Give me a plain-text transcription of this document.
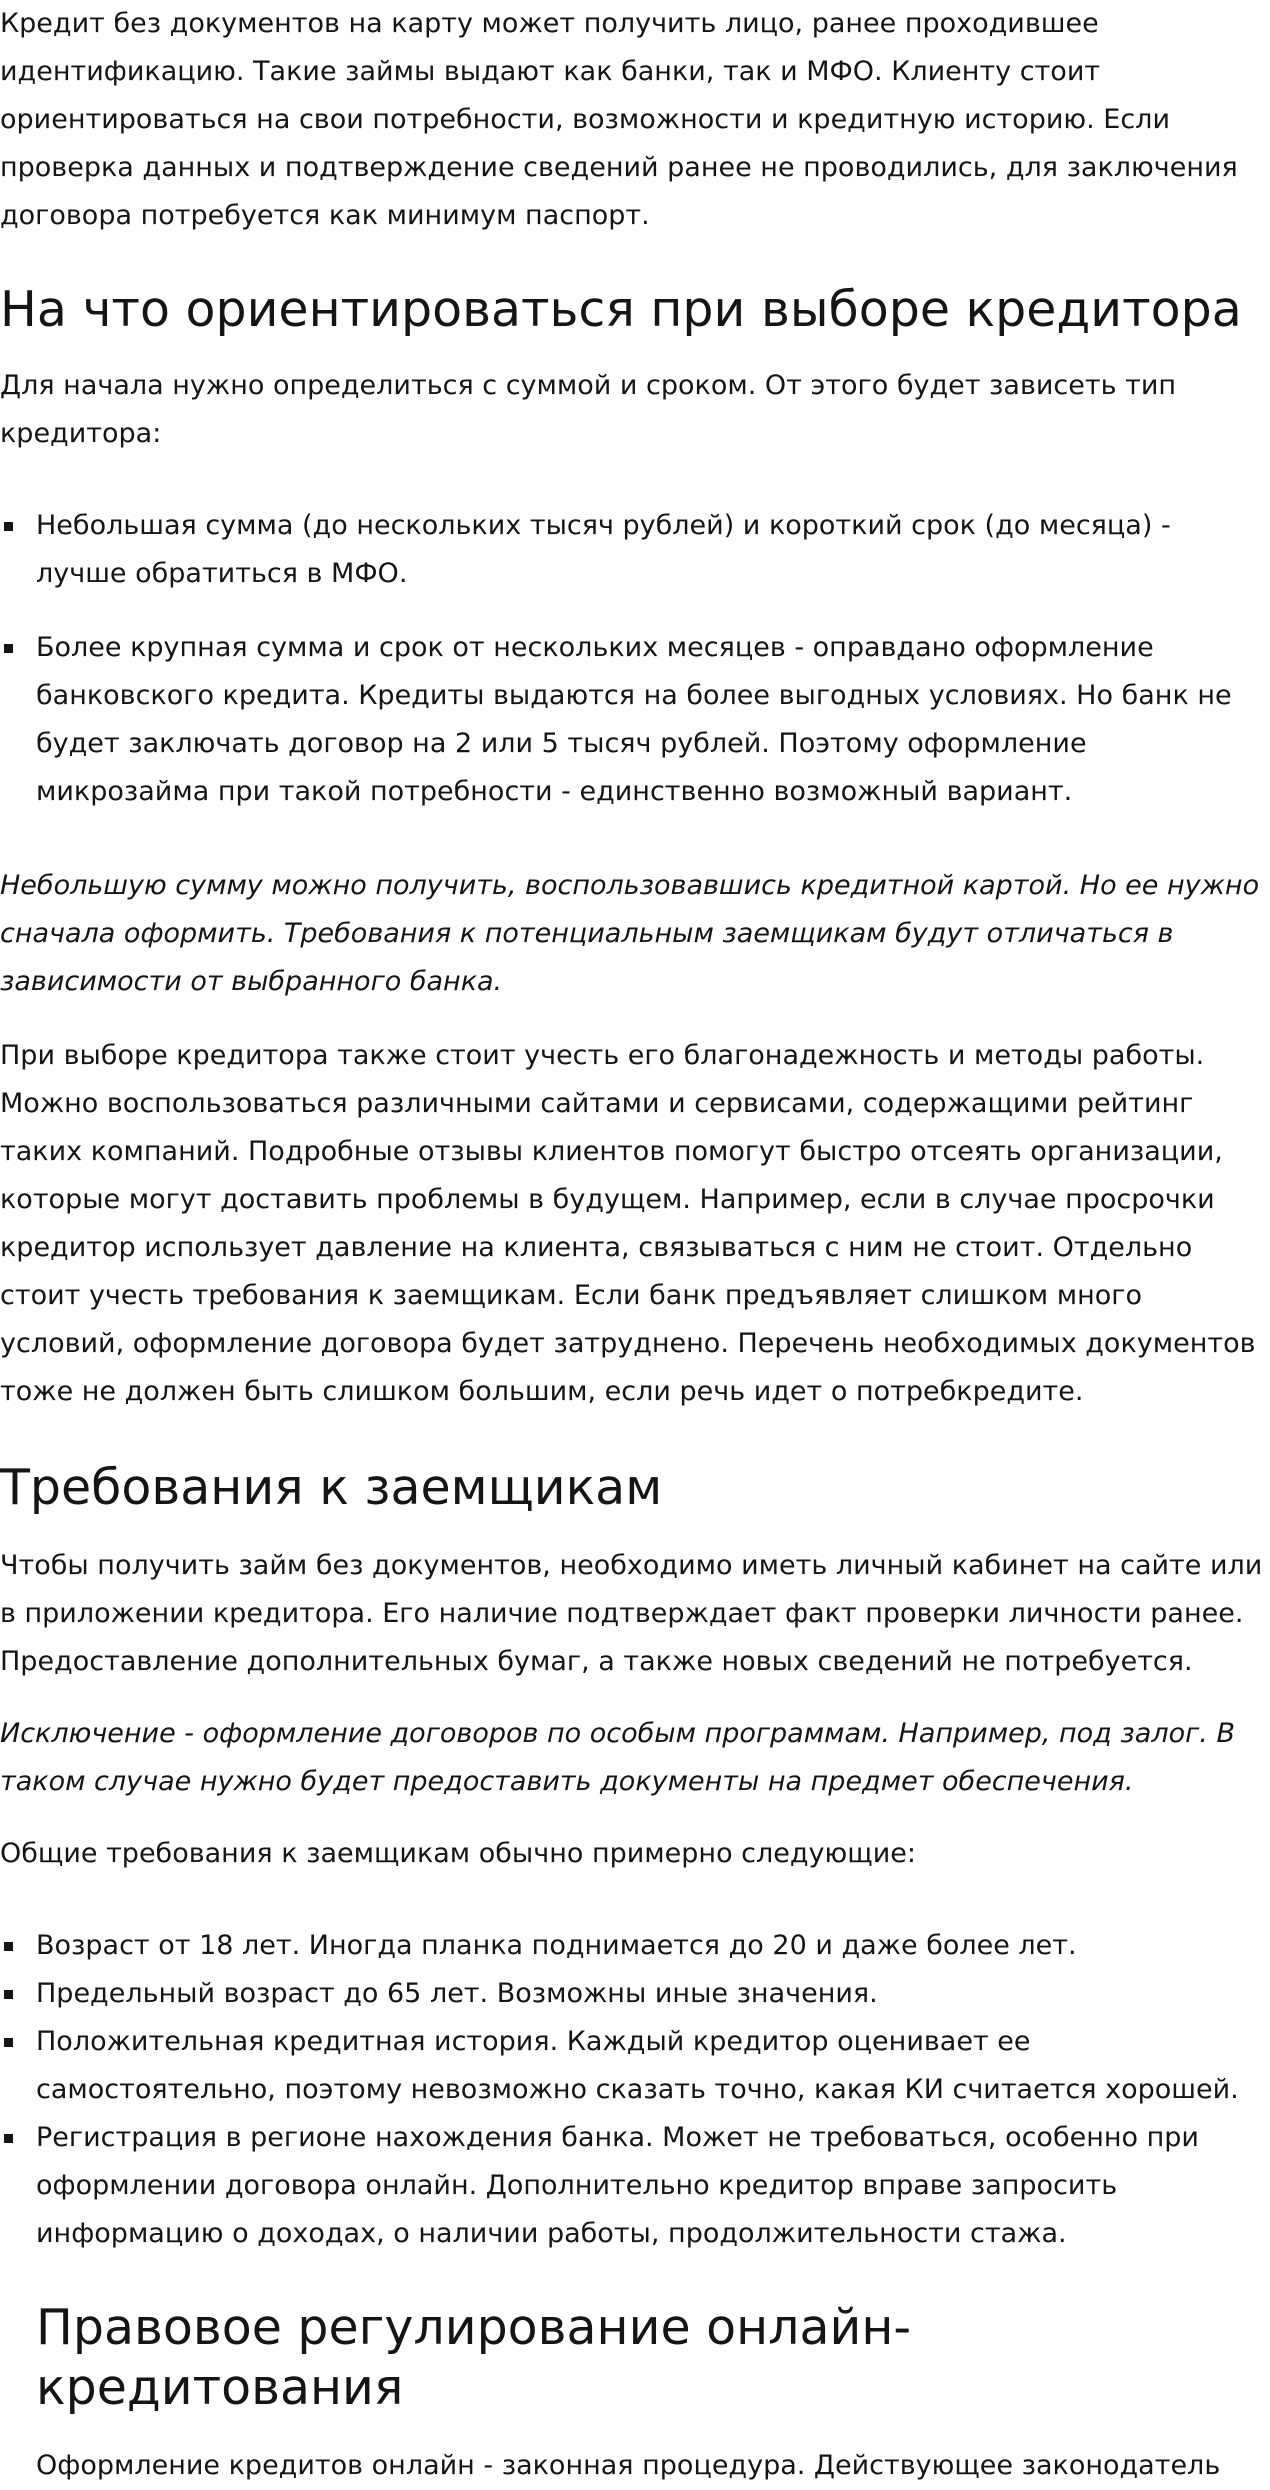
Кредит без документов на карту может получить лицо, ранее проходившее идентификацию. Такие займы выдают как банки, так и МФО. Клиенту стоит ориентироваться на свои потребности, возможности и кредитную историю. Если проверка данных и подтверждение сведений ранее не проводились, для заключения договора потребуется как минимум паспорт.

На что ориентироваться при выборе кредитора

Для начала нужно определиться с суммой и сроком. От этого будет зависеть тип кредитора:

Небольшая сумма (до нескольких тысяч рублей) и короткий срок (до месяца) - лучше обратиться в МФО.
Более крупная сумма и срок от нескольких месяцев - оправдано оформление банковского кредита. Кредиты выдаются на более выгодных условиях. Но банк не будет заключать договор на 2 или 5 тысяч рублей. Поэтому оформление микрозайма при такой потребности - единственно возможный вариант.

Небольшую сумму можно получить, воспользовавшись кредитной картой. Но ее нужно сначала оформить. Требования к потенциальным заемщикам будут отличаться в зависимости от выбранного банка.

При выборе кредитора также стоит учесть его благонадежность и методы работы. Можно воспользоваться различными сайтами и сервисами, содержащими рейтинг таких компаний. Подробные отзывы клиентов помогут быстро отсеять организации, которые могут доставить проблемы в будущем. Например, если в случае просрочки кредитор использует давление на клиента, связываться с ним не стоит. Отдельно стоит учесть требования к заемщикам. Если банк предъявляет слишком много условий, оформление договора будет затруднено. Перечень необходимых документов тоже не должен быть слишком большим, если речь идет о потребкредите.

Требования к заемщикам

Чтобы получить займ без документов, необходимо иметь личный кабинет на сайте или в приложении кредитора. Его наличие подтверждает факт проверки личности ранее. Предоставление дополнительных бумаг, а также новых сведений не потребуется.

Исключение - оформление договоров по особым программам. Например, под залог. В таком случае нужно будет предоставить документы на предмет обеспечения.

Общие требования к заемщикам обычно примерно следующие:

Возраст от 18 лет. Иногда планка поднимается до 20 и даже более лет.
Предельный возраст до 65 лет. Возможны иные значения.
Положительная кредитная история. Каждый кредитор оценивает ее самостоятельно, поэтому невозможно сказать точно, какая КИ считается хорошей.
Регистрация в регионе нахождения банка. Может не требоваться, особенно при оформлении договора онлайн. Дополнительно кредитор вправе запросить информацию о доходах, о наличии работы, продолжительности стажа.
Правовое регулирование онлайн-кредитования

Оформление кредитов онлайн - законная процедура. Действующее законодатель
